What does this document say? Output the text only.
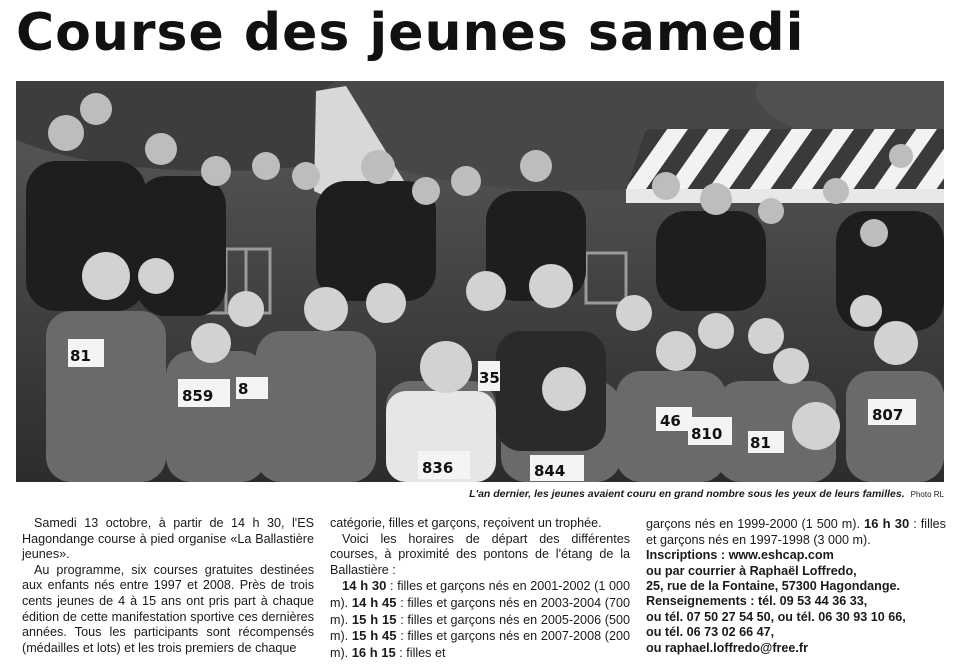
Course des jeunes samedi
81
859 8
836	844
46
810 81
807
35
L'an dernier, les jeunes avaient couru en grand nombre sous les yeux de leurs familles. Photo RL

Samedi 13 octobre, à partir de 14 h 30, l'ES Hagondange course à pied organise «La Ballastière jeunes».

Au programme, six courses gratuites destinées aux enfants nés entre 1997 et 2008. Près de trois cents jeunes de 4 à 15 ans ont pris part à chaque édition de cette manifestation sportive ces dernières années. Tous les participants sont récompensés (médailles et lots) et les trois premiers de chaque

catégorie, filles et garçons, reçoivent un trophée.

Voici les horaires de départ des différentes courses, à proximité des pontons de l'étang de la Ballastière :

14 h 30 : filles et garçons nés en 2001-2002 (1 000 m). 14 h 45 : filles et garçons nés en 2003-2004 (700 m). 15 h 15 : filles et garçons nés en 2005-2006 (500 m). 15 h 45 : filles et garçons nés en 2007-2008 (200 m). 16 h 15 : filles et

garçons nés en 1999-2000 (1 500 m). 16 h 30 : filles et garçons nés en 1997-1998 (3 000 m).

Inscriptions : www.eshcap.com
ou par courrier à Raphaël Loffredo,
25, rue de la Fontaine, 57300 Hagondange.
Renseignements : tél. 09 53 44 36 33,
ou tél. 07 50 27 54 50, ou tél. 06 30 93 10 66,
ou tél. 06 73 02 66 47,
ou raphael.loffredo@free.fr
